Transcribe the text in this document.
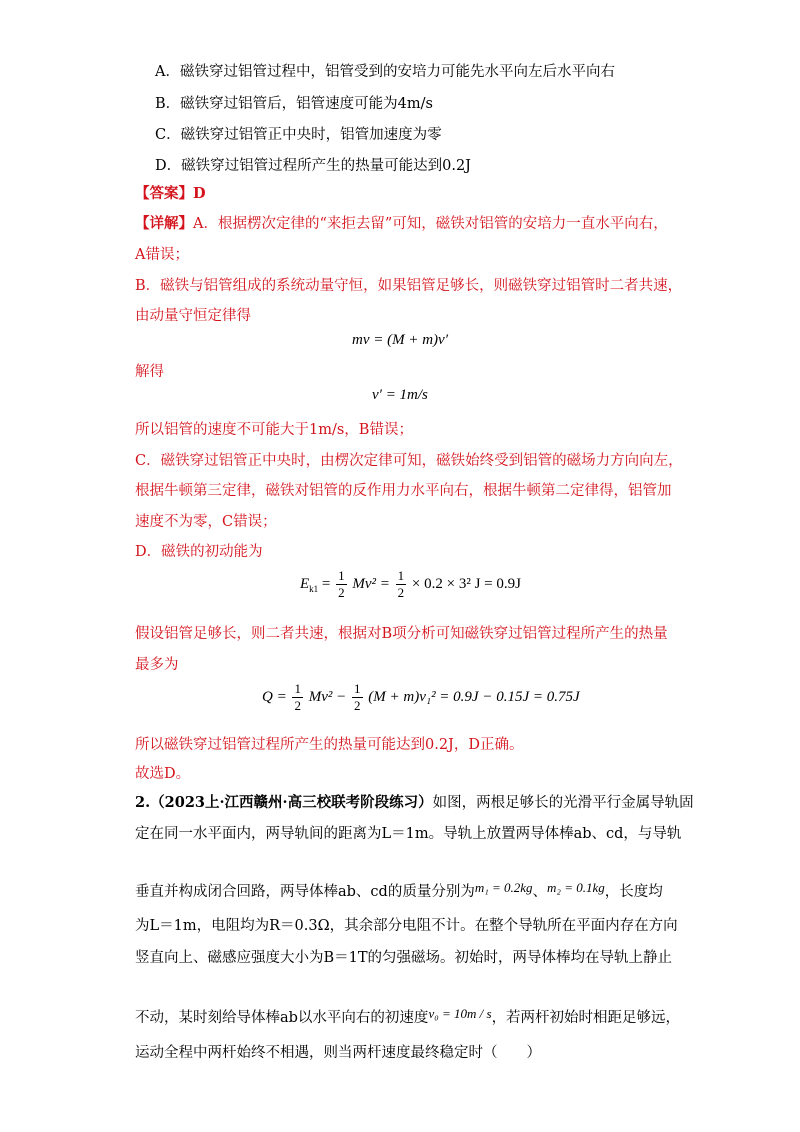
A．磁铁穿过铝管过程中，铝管受到的安培力可能先水平向左后水平向右
B．磁铁穿过铝管后，铝管速度可能为4m/s
C．磁铁穿过铝管正中央时，铝管加速度为零
D．磁铁穿过铝管过程所产生的热量可能达到0.2J
【答案】D
【详解】A．根据楞次定律的“来拒去留”可知，磁铁对铝管的安培力一直水平向右，
A错误；
B．磁铁与铝管组成的系统动量守恒，如果铝管足够长，则磁铁穿过铝管时二者共速，
由动量守恒定律得
mv = (M + m)v′
解得
v′ = 1m/s
所以铝管的速度不可能大于1m/s，B错误；
C．磁铁穿过铝管正中央时，由楞次定律可知，磁铁始终受到铝管的磁场力方向向左，
根据牛顿第三定律，磁铁对铝管的反作用力水平向右，根据牛顿第二定律得，铝管加
速度不为零，C错误；
D．磁铁的初动能为
$E_{k1} = \frac{1}{2} Mv^2 = \frac{1}{2} \times 0.2 \times 3^2$ J = 0.9J
假设铝管足够长，则二者共速，根据对B项分析可知磁铁穿过铝管过程所产生的热量
最多为
$Q = \frac{1}{2} Mv^2 - \frac{1}{2} (M + m)v_1^2 = 0.9J - 0.15J = 0.75J$
所以磁铁穿过铝管过程所产生的热量可能达到0.2J，D正确。
故选D。
2.（2023上·江西赣州·高三校联考阶段练习）如图，两根足够长的光滑平行金属导轨固
定在同一水平面内，两导轨间的距离为L＝1m。导轨上放置两导体棒ab、cd，与导轨
垂直并构成闭合回路，两导体棒ab、cd的质量分别为m₁ = 0.2kg、m₂ = 0.1kg，长度均
为L＝1m，电阻均为R＝0.3Ω，其余部分电阻不计。在整个导轨所在平面内存在方向
竖直向上、磁感应强度大小为B＝1T的匀强磁场。初始时，两导体棒均在导轨上静止
不动，某时刻给导体棒ab以水平向右的初速度v₀ = 10m / s，若两杆初始时相距足够远，
运动全程中两杆始终不相遇，则当两杆速度最终稳定时（　　）
